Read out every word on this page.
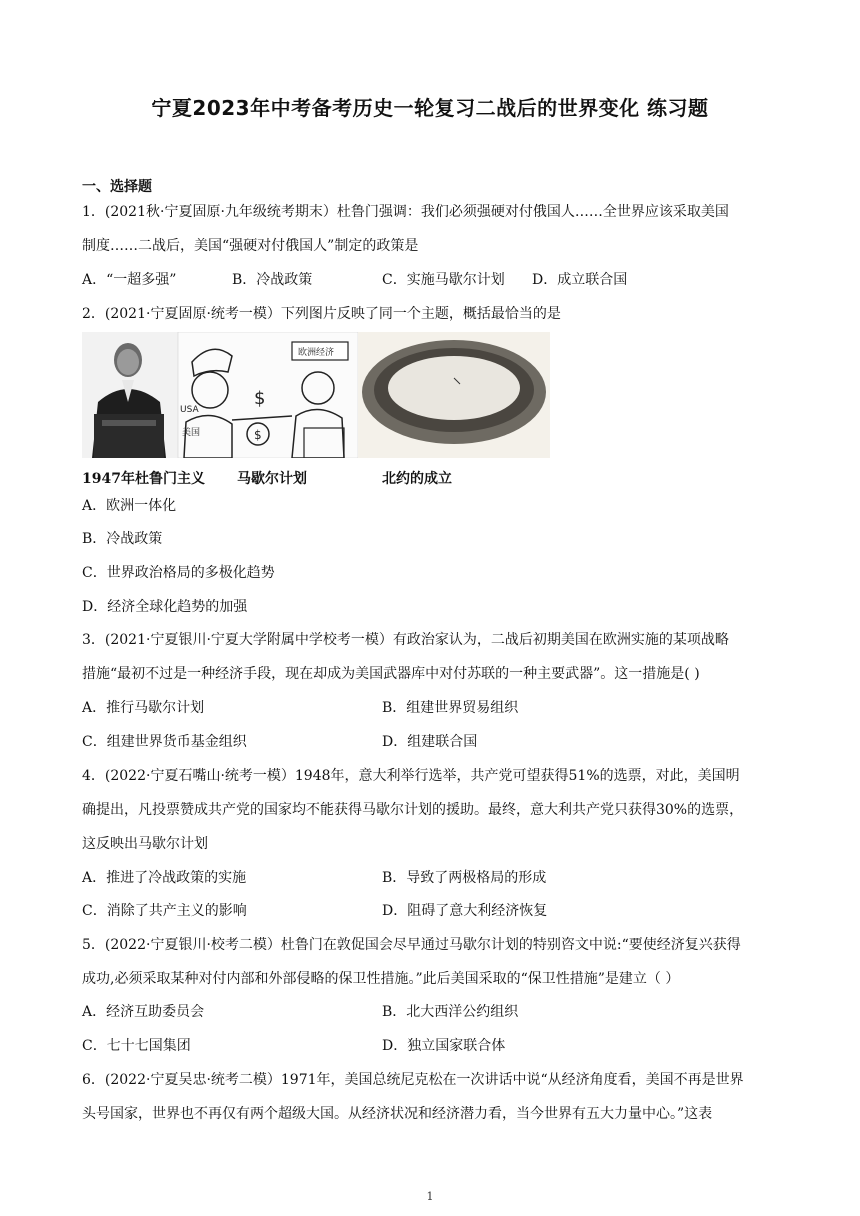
宁夏2023年中考备考历史一轮复习二战后的世界变化 练习题
一、选择题
1．(2021秋·宁夏固原·九年级统考期末）杜鲁门强调：我们必须强硬对付俄国人……全世界应该采取美国
制度……二战后，美国“强硬对付俄国人”制定的政策是
A．“一超多强”	B．冷战政策	C．实施马歇尔计划 D．成立联合国
2．(2021·宁夏固原·统考一模）下列图片反映了同一个主题，概括最恰当的是
USA
美国
$
$
欧洲经济
1947年杜鲁门主义 马歇尔计划	北约的成立
A．欧洲一体化
B．冷战政策
C．世界政治格局的多极化趋势
D．经济全球化趋势的加强
3．(2021·宁夏银川·宁夏大学附属中学校考一模）有政治家认为，二战后初期美国在欧洲实施的某项战略
措施“最初不过是一种经济手段，现在却成为美国武器库中对付苏联的一种主要武器”。这一措施是( )
A．推行马歇尔计划	B．组建世界贸易组织
C．组建世界货币基金组织	D．组建联合国
4．(2022·宁夏石嘴山·统考一模）1948年，意大利举行选举，共产党可望获得51%的选票，对此，美国明
确提出，凡投票赞成共产党的国家均不能获得马歇尔计划的援助。最终，意大利共产党只获得30%的选票，
这反映出马歇尔计划
A．推进了冷战政策的实施	B．导致了两极格局的形成
C．消除了共产主义的影响	D．阻碍了意大利经济恢复
5．(2022·宁夏银川·校考二模）杜鲁门在敦促国会尽早通过马歇尔计划的特别咨文中说:“要使经济复兴获得
成功,必须采取某种对付内部和外部侵略的保卫性措施。”此后美国采取的“保卫性措施”是建立（ ）
A．经济互助委员会	B．北大西洋公约组织
C．七十七国集团	D．独立国家联合体
6．(2022·宁夏吴忠·统考二模）1971年，美国总统尼克松在一次讲话中说“从经济角度看，美国不再是世界
头号国家，世界也不再仅有两个超级大国。从经济状况和经济潜力看，当今世界有五大力量中心。”这表
1
